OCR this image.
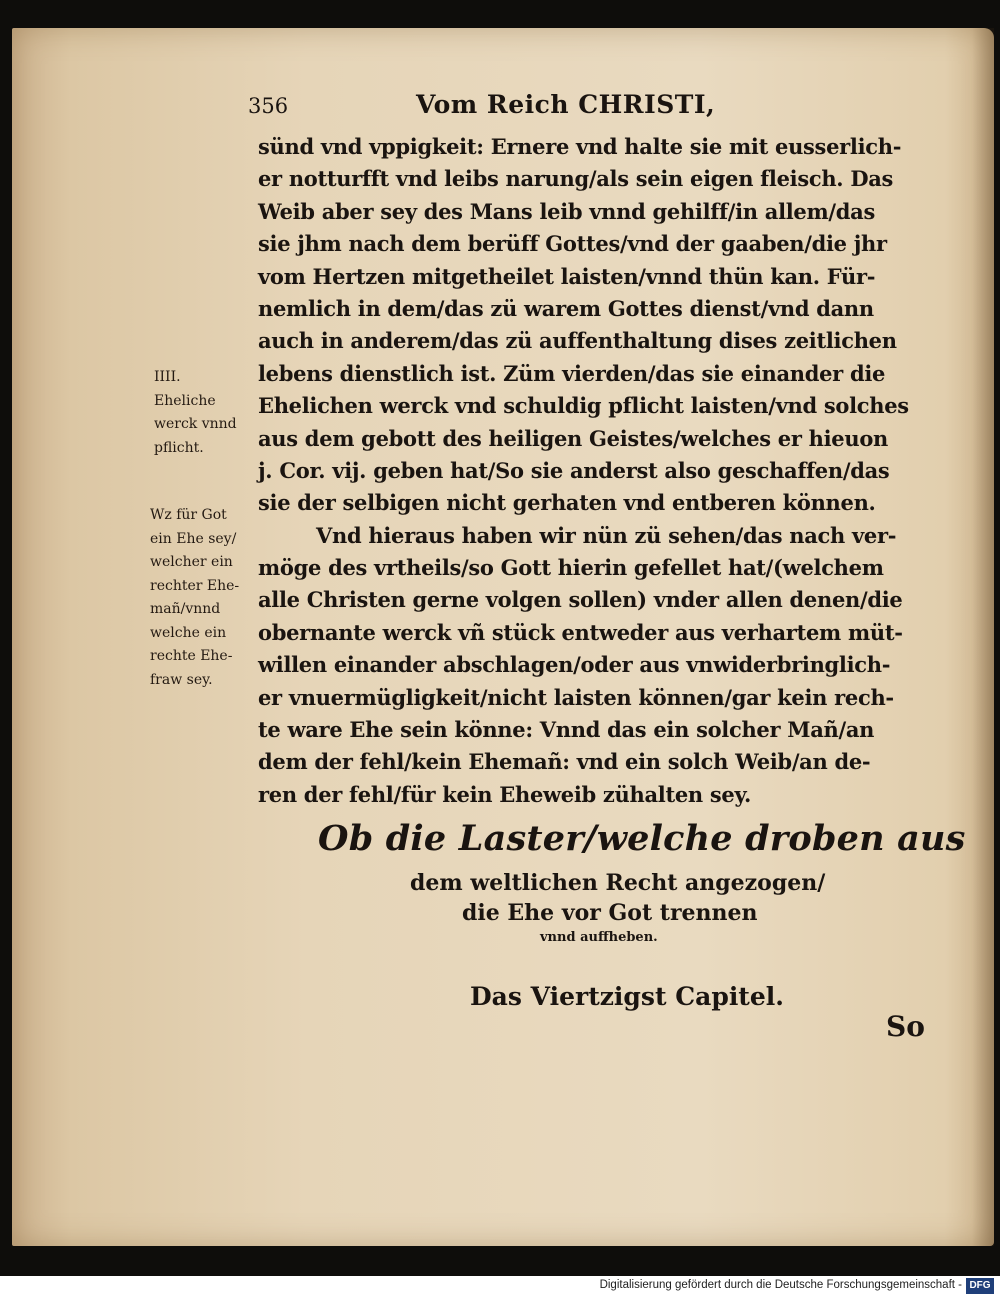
356	Vom Reich CHRISTI,
sünd vnd vppigkeit: Ernere vnd halte sie mit eusserlich-
er notturfft vnd leibs narung/als sein eigen fleisch. Das
Weib aber sey des Mans leib vnnd gehilff/in allem/das
sie jhm nach dem berüff Gottes/vnd der gaaben/die jhr
vom Hertzen mitgetheilet laisten/vnnd thün kan. Für-
nemlich in dem/das zü warem Gottes dienst/vnd dann
auch in anderem/das zü auffenthaltung dises zeitlichen
lebens dienstlich ist. Züm vierden/das sie einander die
Ehelichen werck vnd schuldig pflicht laisten/vnd solches
aus dem gebott des heiligen Geistes/welches er hieuon
j. Cor. vij. geben hat/So sie anderst also geschaffen/das
sie der selbigen nicht gerhaten vnd entberen können.
Vnd hieraus haben wir nün zü sehen/das nach ver-
möge des vrtheils/so Gott hierin gefellet hat/(welchem
alle Christen gerne volgen sollen) vnder allen denen/die
obernante werck vñ stück entweder aus verhartem müt-
willen einander abschlagen/oder aus vnwiderbringlich-
er vnuermügligkeit/nicht laisten können/gar kein rech-
te ware Ehe sein könne: Vnnd das ein solcher Mañ/an
dem der fehl/kein Ehemañ: vnd ein solch Weib/an de-
ren der fehl/für kein Eheweib zühalten sey.
IIII.
Eheliche
werck vnnd
pflicht.
Wz für Got
ein Ehe sey/
welcher ein
rechter Ehe-
mañ/vnnd
welche ein
rechte Ehe-
fraw sey.
Ob die Laster/welche droben aus
dem weltlichen Recht angezogen/
die Ehe vor Got trennen
vnnd auffheben.
Das Viertzigst Capitel.
So
Digitalisierung gefördert durch die Deutsche Forschungsgemeinschaft - DFG
